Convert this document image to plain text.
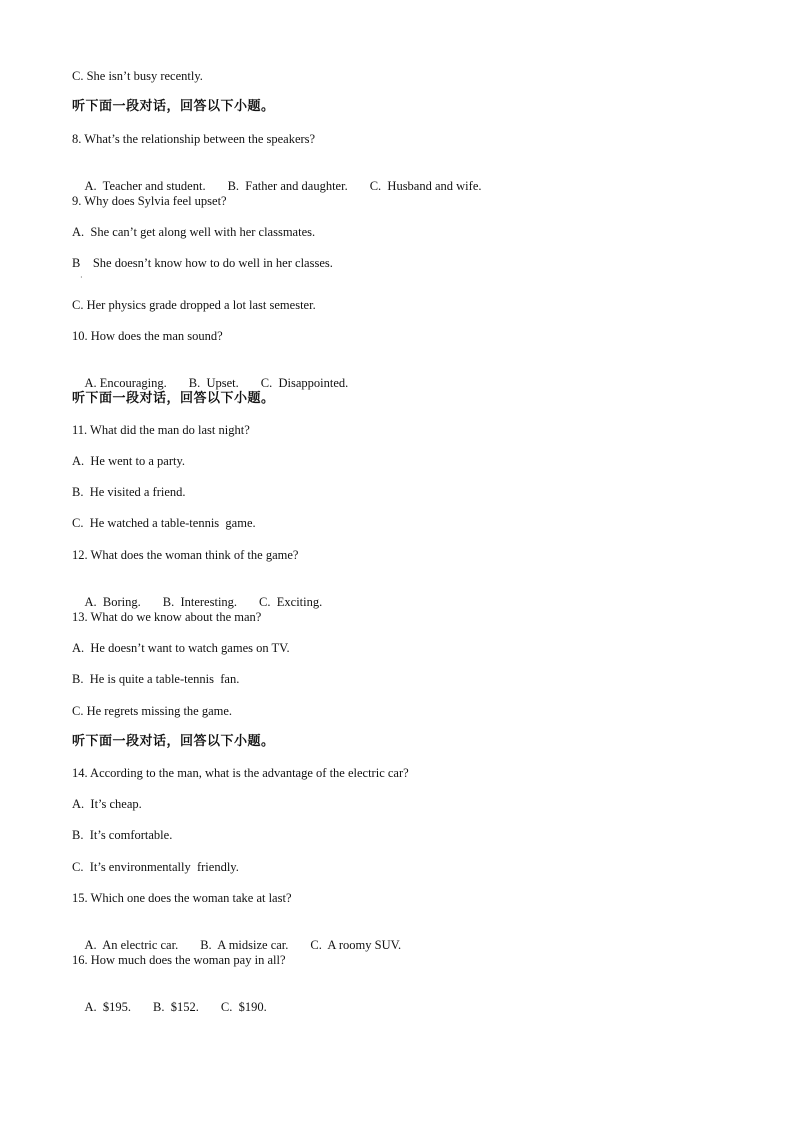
C. She isn’t busy recently.
听下面一段对话，回答以下小题。
8. What’s the relationship between the speakers?

A.  Teacher and student. B.  Father and daughter. C.  Husband and wife.

9. Why does Sylvia feel upset?
A.  She can’t get along well with her classmates.
B    She doesn’t know how to do well in her classes.
·
C. Her physics grade dropped a lot last semester.
10. How does the man sound?

A. Encouraging. B.  Upset. C.  Disappointed.

听下面一段对话，回答以下小题。
11. What did the man do last night?
A.  He went to a party.
B.  He visited a friend.
C.  He watched a table-tennis  game.
12. What does the woman think of the game?

A.  Boring. B.  Interesting. C.  Exciting.

13. What do we know about the man?
A.  He doesn’t want to watch games on TV.
B.  He is quite a table-tennis  fan.
C. He regrets missing the game.
听下面一段对话，回答以下小题。
14. According to the man, what is the advantage of the electric car?
A.  It’s cheap.
B.  It’s comfortable.
C.  It’s environmentally  friendly.
15. Which one does the woman take at last?

A.  An electric car. B.  A midsize car. C.  A roomy SUV.

16. How much does the woman pay in all?

A.  $195. B.  $152. C.  $190.
